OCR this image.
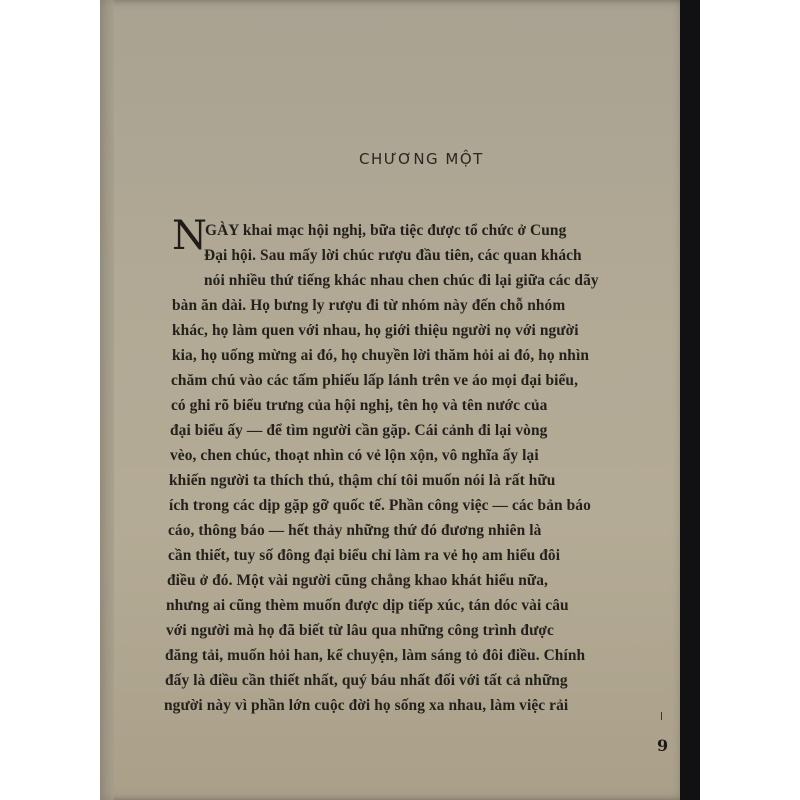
CHƯƠNG MỘT
N
GÀY khai mạc hội nghị, bữa tiệc được tổ chức ở Cung
Đại hội. Sau mấy lời chúc rượu đầu tiên, các quan khách
nói nhiều thứ tiếng khác nhau chen chúc đi lại giữa các dãy
bàn ăn dài. Họ bưng ly rượu đi từ nhóm này đến chỗ nhóm
khác, họ làm quen với nhau, họ giới thiệu người nọ với người
kia, họ uống mừng ai đó, họ chuyền lời thăm hỏi ai đó, họ nhìn
chăm chú vào các tấm phiếu lấp lánh trên ve áo mọi đại biểu,
có ghi rõ biểu trưng của hội nghị, tên họ và tên nước của
đại biểu ấy — để tìm người cần gặp. Cái cảnh đi lại vòng
vèo, chen chúc, thoạt nhìn có vẻ lộn xộn, vô nghĩa ấy lại
khiến người ta thích thú, thậm chí tôi muốn nói là rất hữu
ích trong các dịp gặp gỡ quốc tế. Phần công việc — các bản báo
cáo, thông báo — hết thảy những thứ đó đương nhiên là
cần thiết, tuy số đông đại biểu chỉ làm ra vẻ họ am hiểu đôi
điều ở đó. Một vài người cũng chẳng khao khát hiểu nữa,
nhưng ai cũng thèm muốn được dịp tiếp xúc, tán dóc vài câu
với người mà họ đã biết từ lâu qua những công trình được
đăng tải, muốn hỏi han, kể chuyện, làm sáng tỏ đôi điều. Chính
đấy là điều cần thiết nhất, quý báu nhất đối với tất cả những
người này vì phần lớn cuộc đời họ sống xa nhau, làm việc rải
9
